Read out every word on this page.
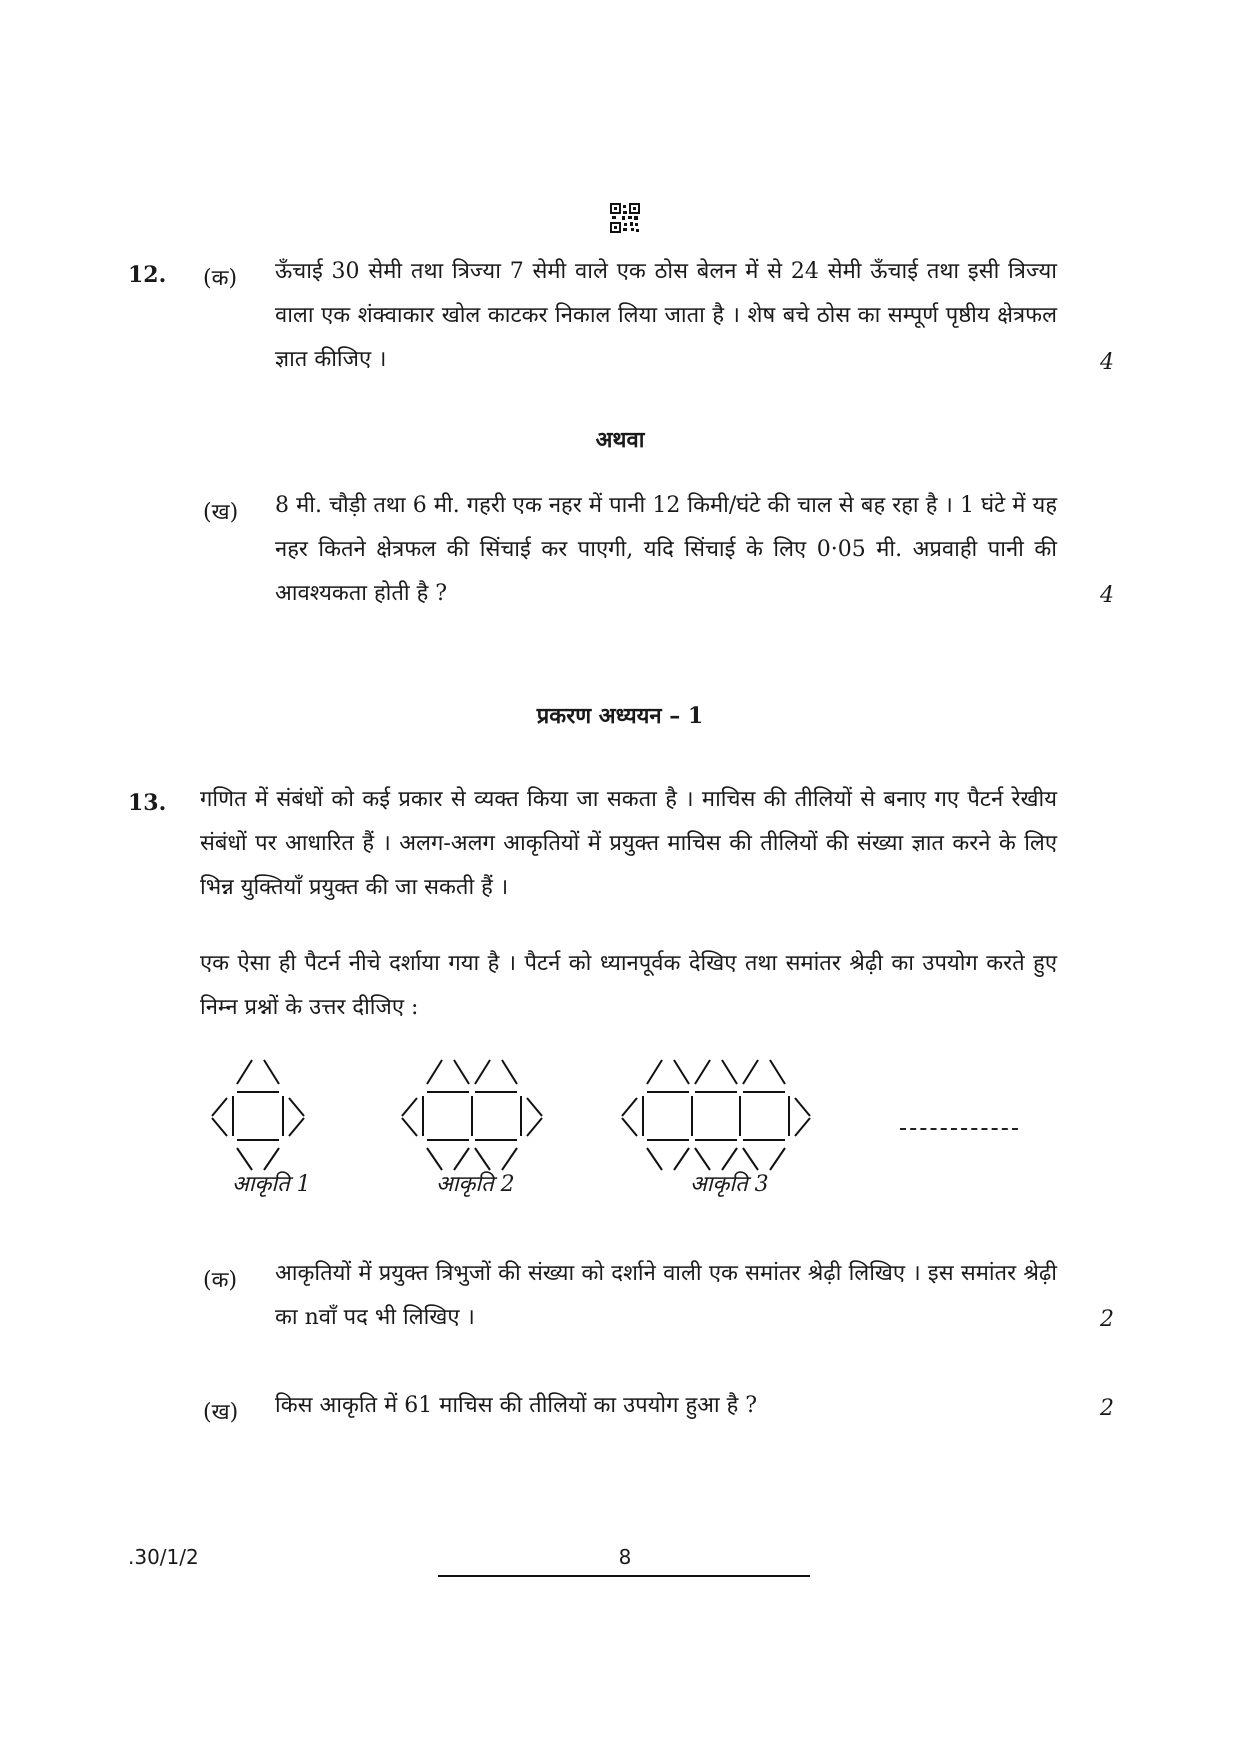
12. (क) ऊँचाई 30 सेमी तथा त्रिज्या 7 सेमी वाले एक ठोस बेलन में से 24 सेमी ऊँचाई तथा इसी त्रिज्या वाला एक शंक्वाकार खोल काटकर निकाल लिया जाता है । शेष बचे ठोस का सम्पूर्ण पृष्ठीय क्षेत्रफल ज्ञात कीजिए ।	4
अथवा
(ख) 8 मी. चौड़ी तथा 6 मी. गहरी एक नहर में पानी 12 किमी/घंटे की चाल से बह रहा है । 1 घंटे में यह नहर कितने क्षेत्रफल की सिंचाई कर पाएगी, यदि सिंचाई के लिए 0·05 मी. अप्रवाही पानी की आवश्यकता होती है ?	4
प्रकरण अध्ययन – 1
13. गणित में संबंधों को कई प्रकार से व्यक्त किया जा सकता है । माचिस की तीलियों से बनाए गए पैटर्न रेखीय संबंधों पर आधारित हैं । अलग-अलग आकृतियों में प्रयुक्त माचिस की तीलियों की संख्या ज्ञात करने के लिए भिन्न युक्तियाँ प्रयुक्त की जा सकती हैं ।
एक ऐसा ही पैटर्न नीचे दर्शाया गया है । पैटर्न को ध्यानपूर्वक देखिए तथा समांतर श्रेढ़ी का उपयोग करते हुए निम्न प्रश्नों के उत्तर दीजिए :
आकृति 1	आकृति 2	आकृति 3
(क) आकृतियों में प्रयुक्त त्रिभुजों की संख्या को दर्शाने वाली एक समांतर श्रेढ़ी लिखिए । इस समांतर श्रेढ़ी का nवाँ पद भी लिखिए ।	2
(ख) किस आकृति में 61 माचिस की तीलियों का उपयोग हुआ है ?	2
.30/1/2	8
